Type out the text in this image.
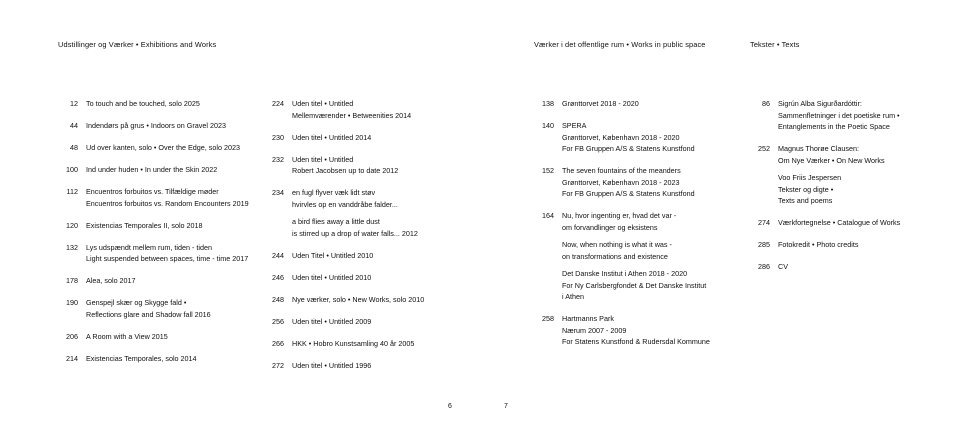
Udstillinger og Værker • Exhibitions and Works	Værker i det offentlige rum • Works in public space	Tekster • Texts
12 To touch and be touched, solo 2025
44 Indendørs på grus • Indoors on Gravel 2023
48 Ud over kanten, solo • Over the Edge, solo 2023
100 Ind under huden • In under the Skin 2022
112 Encuentros forbuitos vs. Tilfældige møder
Encuentros forbuitos vs. Random Encounters 2019
120 Existencias Temporales II, solo 2018
132 Lys udspændt mellem rum, tiden - tiden
Light suspended between spaces, time - time 2017
178 Alea, solo 2017
190 Genspejl skær og Skygge fald •
Reflections glare and Shadow fall 2016
206 A Room with a View 2015
214 Existencias Temporales, solo 2014
224 Uden titel • Untitled
Mellemværender • Betweenities 2014
230 Uden titel • Untitled 2014
232 Uden titel • Untitled
Robert Jacobsen up to date 2012
234 en fugl flyver væk lidt støv
hvirvles op en vanddråbe falder...

a bird flies away a little dust
is stirred up a drop of water falls... 2012
244 Uden Titel • Untitled 2010
246 Uden titel • Untitled 2010
248 Nye værker, solo • New Works, solo 2010
256 Uden titel • Untitled 2009
266 HKK • Hobro Kunstsamling 40 år 2005
272 Uden titel • Untitled 1996
138 Grønttorvet 2018 - 2020
140 SPERA
Grønttorvet, København 2018 - 2020
For FB Gruppen A/S & Statens Kunstfond
152 The seven fountains of the meanders
Grønttorvet, København 2018 - 2023
For FB Gruppen A/S & Statens Kunstfond
164 Nu, hvor ingenting er, hvad det var -
om forvandlinger og eksistens

Now, when nothing is what it was -
on transformations and existence

Det Danske Institut i Athen 2018 - 2020
For Ny Carlsbergfondet & Det Danske Institut
i Athen
258 Hartmanns Park
Nærum 2007 - 2009
For Statens Kunstfond & Rudersdal Kommune
86 Sigrún Alba Sigurðardóttir:
Sammenfletninger i det poetiske rum •
Entanglements in the Poetic Space
252 Magnus Thorøe Clausen:
Om Nye Værker • On New Works

Voo Friis Jespersen
Tekster og digte •
Texts and poems
274 Værkfortegnelse • Catalogue of Works
285 Fotokredit • Photo credits
286 CV
6	7
